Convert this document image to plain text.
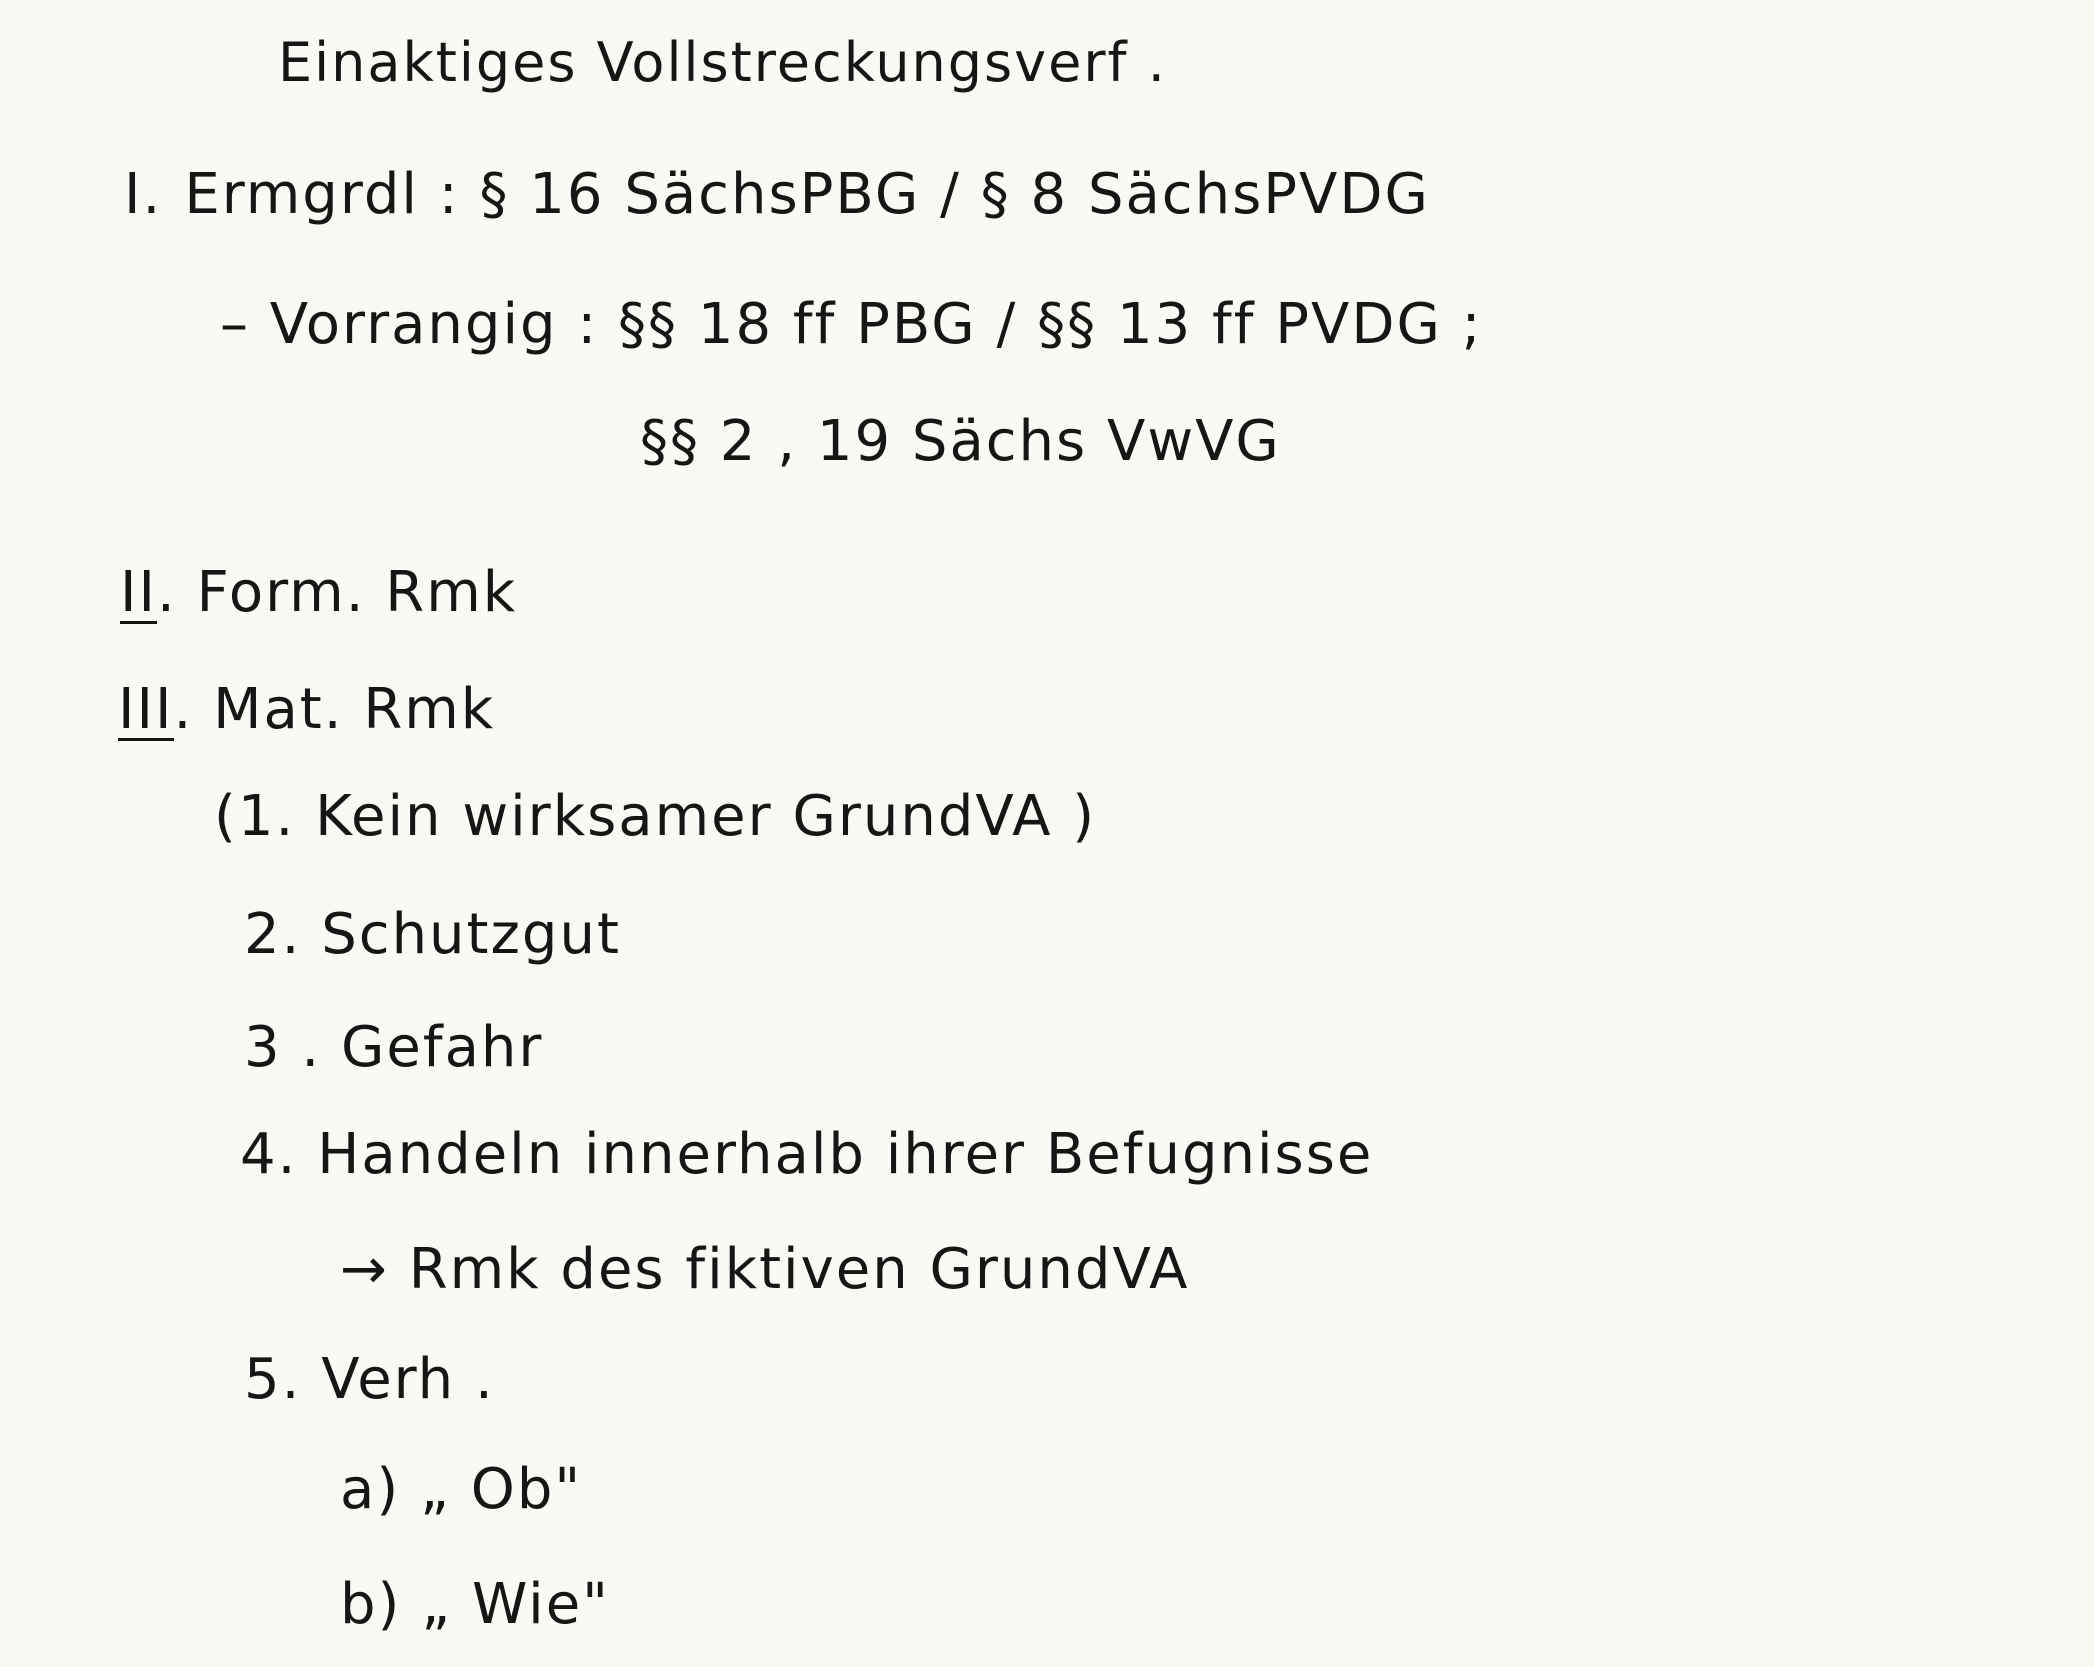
Einaktiges Vollstreckungsverf .
I. Ermgrdl : § 16 SächsPBG / § 8 SächsPVDG
– Vorrangig : §§ 18 ff PBG / §§ 13 ff PVDG ;
§§ 2 , 19 Sächs VwVG
II. Form. Rmk
III. Mat. Rmk
(1. Kein wirksamer GrundVA )
2. Schutzgut
3 . Gefahr
4. Handeln innerhalb ihrer Befugnisse
→ Rmk des fiktiven GrundVA
5. Verh .
a) „ Ob"
b) „ Wie"
